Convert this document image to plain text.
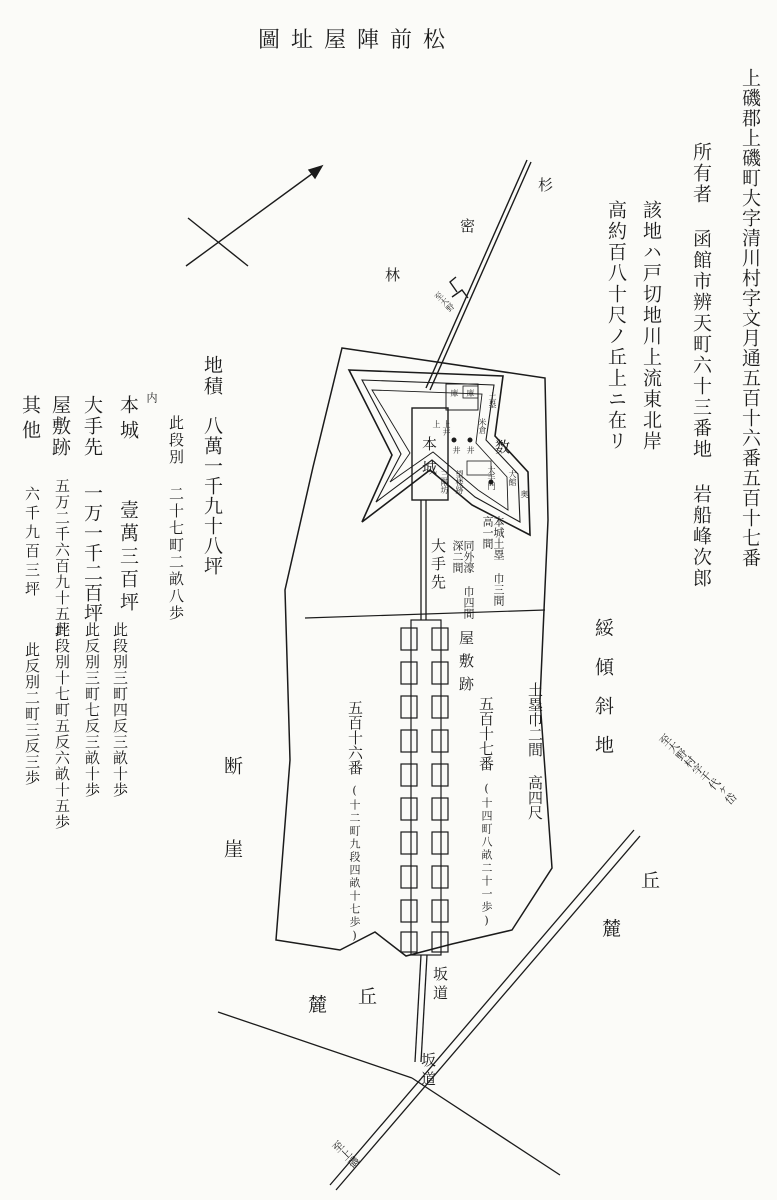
圖址屋陣前松
上磯郡上磯町大字清川村字文月通五百十六番五百十七番
所有者 函館市辨天町六十三番地 岩船峰次郎
該地ハ戸切地川上流東北岸
高約百八十尺ノ丘上ニ在リ
地積
八萬一千九十八坪
此段別 二十七町二畝八歩
内
本城
壹萬三百坪
此段別三町四反三畝十歩
大手先
一万一千二百坪
此反別三町七反三畝十歩
屋敷跡
五万二千六百九十五坪
此段別十七町五反六畝十五歩
其他
六千九百三坪
此反別二町三反三歩
杉
密
林
至大野
本城
庫 庫 土塁
米倉
井 井
上井
上
数
大手門 大館
奥
望楼跡
三階坊
大手先	本城土塁 巾三間 高一間
同外濠 巾四間 深二間
屋敷跡
五百十七番
(十四町八畝二十一歩)
五百十六番
(十二町九段四畝十七歩)
土塁巾二間 高四尺	綏傾斜地
断崖	丘
麓
丘
麓
坂道
坂道
至上磯
至大野村字千代ヶ岱
